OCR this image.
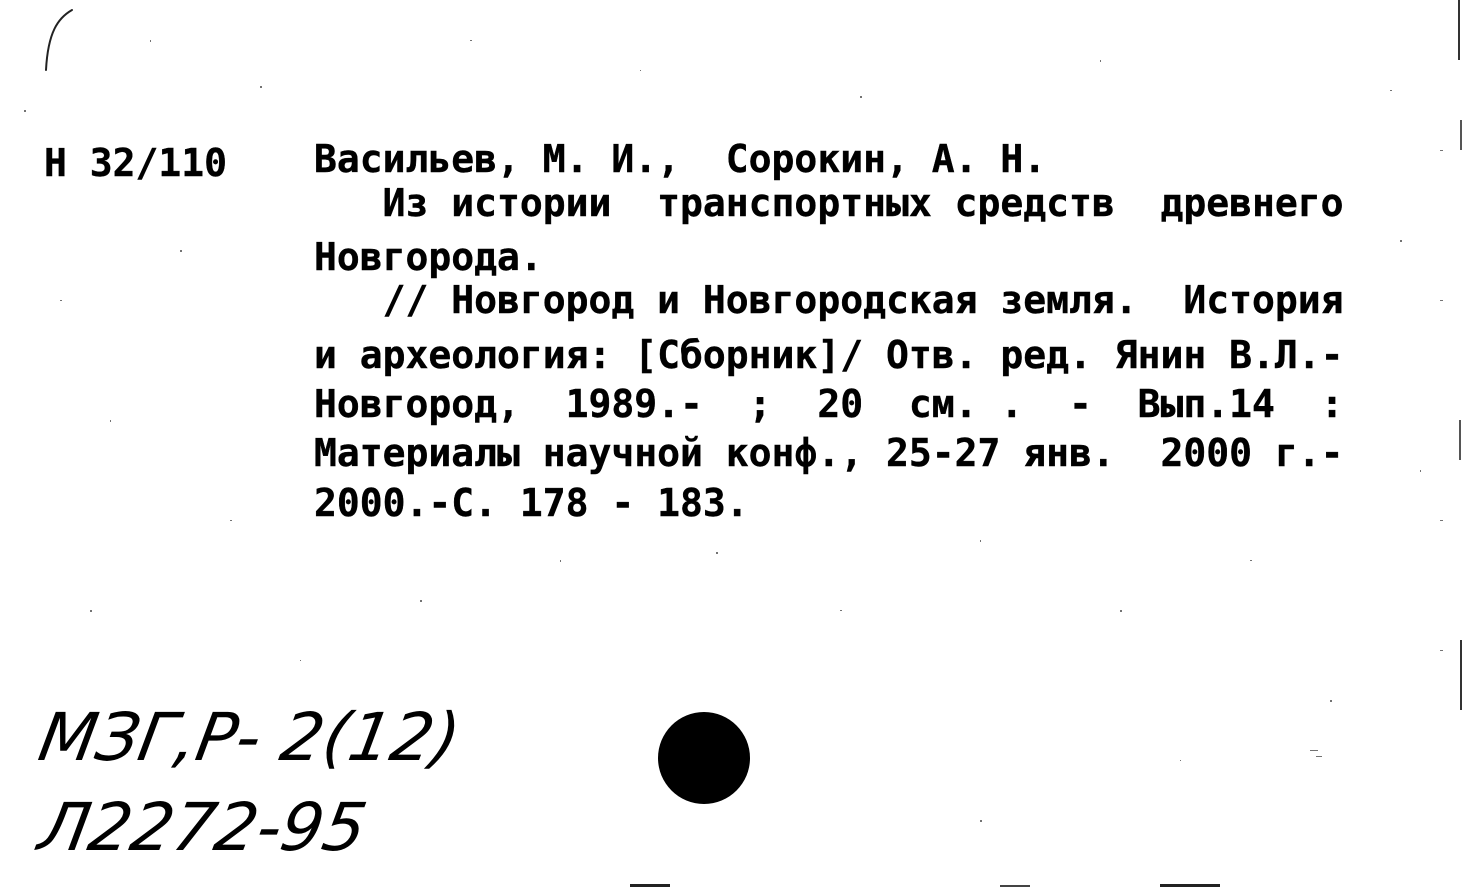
Н 32/110 Васильев, М. И.,  Сорокин, А. Н.
Из истории  транспортных средств  древнего
Новгорода.
// Новгород и Новгородская земля.  История
и археология: [Сборник]/ Отв. ред. Янин В.Л.-
Новгород,  1989.-  ;  20  см. .  -  Вып.14  :
Материалы научной конф., 25-27 янв.  2000 г.-
2000.-С. 178 - 183.
МЗГ,Р- 2(12)
Л2272-95
